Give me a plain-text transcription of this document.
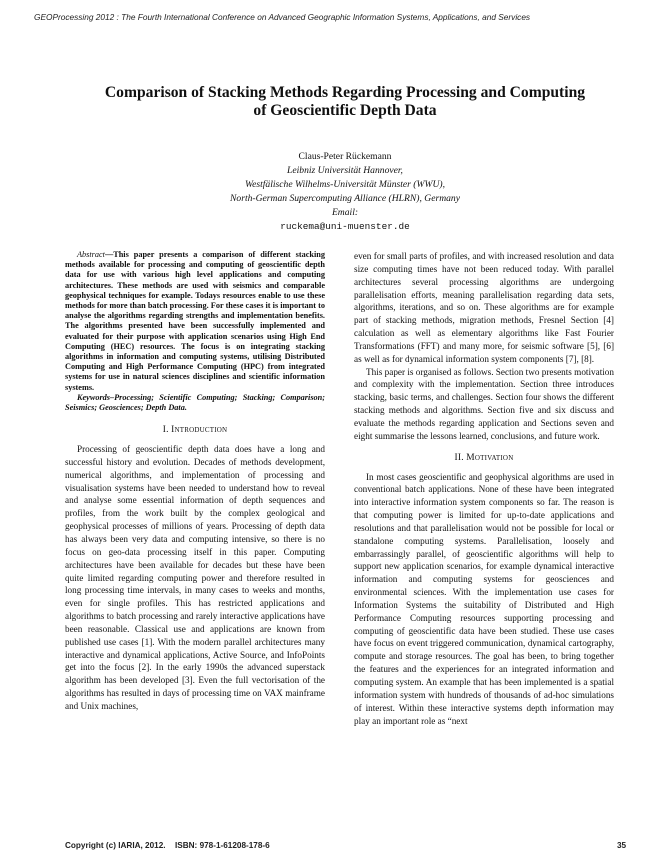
GEOProcessing 2012 : The Fourth International Conference on Advanced Geographic Information Systems, Applications, and Services
Comparison of Stacking Methods Regarding Processing and Computing
of Geoscientific Depth Data
Claus-Peter Rückemann
Leibniz Universität Hannover,
Westfälische Wilhelms-Universität Münster (WWU),
North-German Supercomputing Alliance (HLRN), Germany
Email:
ruckema@uni-muenster.de

Abstract—This paper presents a comparison of different stacking methods available for processing and computing of geoscientific depth data for use with various high level applications and computing architectures. These methods are used with seismics and comparable geophysical techniques for example. Todays resources enable to use these methods for more than batch processing. For these cases it is important to analyse the algorithms regarding strengths and implementation benefits. The algorithms presented have been successfully implemented and evaluated for their purpose with application scenarios using High End Computing (HEC) resources. The focus is on integrating stacking algorithms in information and computing systems, utilising Distributed Computing and High Performance Computing (HPC) from integrated systems for use in natural sciences disciplines and scientific information systems.

Keywords–Processing; Scientific Computing; Stacking; Comparison; Seismics; Geosciences; Depth Data.

I. Introduction

Processing of geoscientific depth data does have a long and successful history and evolution. Decades of methods development, numerical algorithms, and implementation of processing and visualisation systems have been needed to understand how to reveal and analyse some essential information of depth sequences and profiles, from the work built by the complex geological and geophysical processes of millions of years. Processing of depth data has always been very data and computing intensive, so there is no focus on geo-data processing itself in this paper. Computing architectures have been available for decades but these have been quite limited regarding computing power and therefore resulted in long processing time intervals, in many cases to weeks and months, even for single profiles. This has restricted applications and algorithms to batch processing and rarely interactive applications have been reasonable. Classical use and applications are known from published use cases [1]. With the modern parallel architectures many interactive and dynamical applications, Active Source, and InfoPoints get into the focus [2]. In the early 1990s the advanced superstack algorithm has been developed [3]. Even the full vectorisation of the algorithms has resulted in days of processing time on VAX mainframe and Unix machines,

even for small parts of profiles, and with increased resolution and data size computing times have not been reduced today. With parallel architectures several processing algorithms are undergoing parallelisation efforts, meaning parallelisation regarding data sets, algorithms, iterations, and so on. These algorithms are for example part of stacking methods, migration methods, Fresnel Section [4] calculation as well as elementary algorithms like Fast Fourier Transformations (FFT) and many more, for seismic software [5], [6] as well as for dynamical information system components [7], [8].

This paper is organised as follows. Section two presents motivation and complexity with the implementation. Section three introduces stacking, basic terms, and challenges. Section four shows the different stacking methods and algorithms. Section five and six discuss and evaluate the methods regarding application and Sections seven and eight summarise the lessons learned, conclusions, and future work.

II. Motivation

In most cases geoscientific and geophysical algorithms are used in conventional batch applications. None of these have been integrated into interactive information system components so far. The reason is that computing power is limited for up-to-date applications and resolutions and that parallelisation would not be possible for local or standalone computing systems. Parallelisation, loosely and embarrassingly parallel, of geoscientific algorithms will help to support new application scenarios, for example dynamical interactive information and computing systems for geosciences and environmental sciences. With the implementation use cases for Information Systems the suitability of Distributed and High Performance Computing resources supporting processing and computing of geoscientific data have been studied. These use cases have focus on event triggered communication, dynamical cartography, compute and storage resources. The goal has been, to bring together the features and the experiences for an integrated information and computing system. An example that has been implemented is a spatial information system with hundreds of thousands of ad-hoc simulations of interest. Within these interactive systems depth information may play an important role as “next

Copyright (c) IARIA, 2012. ISBN: 978-1-61208-178-6	35
